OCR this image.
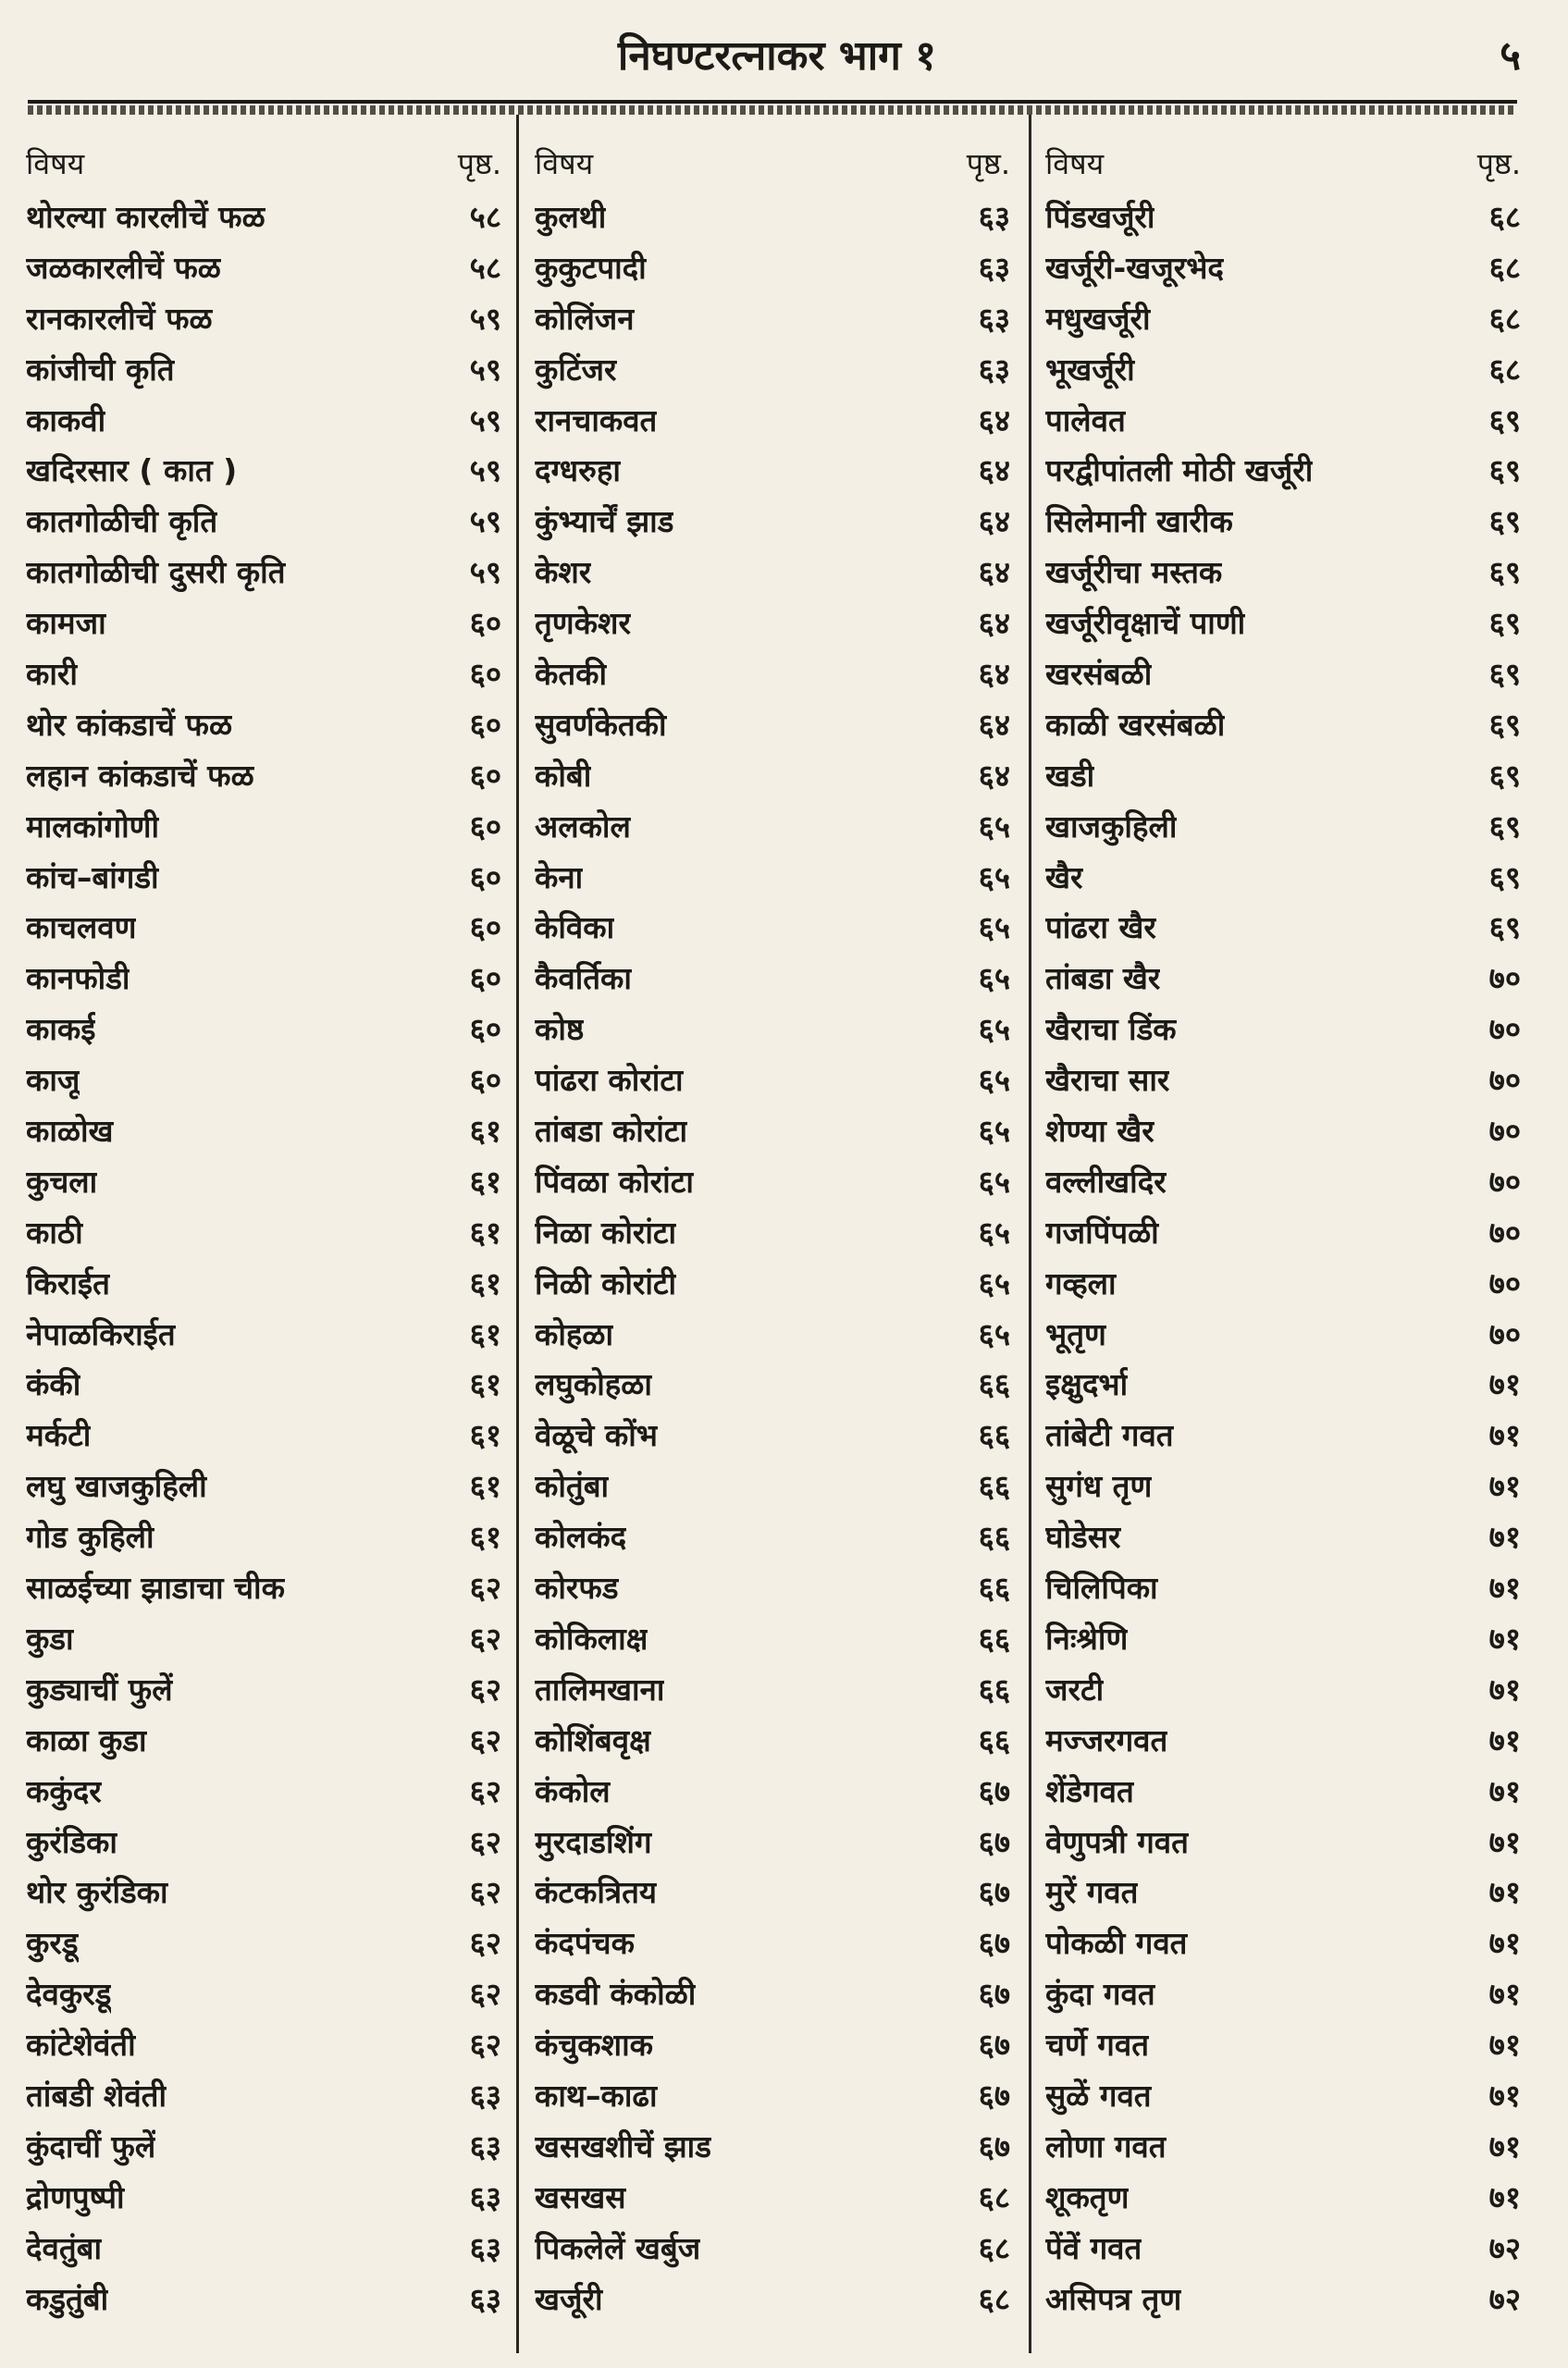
निघण्टरत्नाकर भाग १	५
विषय	पृष्ठ.
थोरल्या कारलीचें फळ	५८
जळकारलीचें फळ	५८
रानकारलीचें फळ	५९
कांजीची कृति	५९
काकवी	५९
खदिरसार ( कात )	५९
कातगोळीची कृति	५९
कातगोळीची दुसरी कृति	५९
कामजा	६०
कारी	६०
थोर कांकडाचें फळ	६०
लहान कांकडाचें फळ	६०
मालकांगोणी	६०
कांच–बांगडी	६०
काचलवण	६०
कानफोडी	६०
काकई	६०
काजू	६०
काळोख	६१
कुचला	६१
काठी	६१
किराईत	६१
नेपाळकिराईत	६१
कंकी	६१
मर्कटी	६१
लघु खाजकुहिली	६१
गोड कुहिली	६१
साळईच्या झाडाचा चीक	६२
कुडा	६२
कुड्याचीं फुलें	६२
काळा कुडा	६२
ककुंदर	६२
कुरंडिका	६२
थोर कुरंडिका	६२
कुरडू	६२
देवकुरडू	६२
कांटेशेवंती	६२
तांबडी शेवंती	६३
कुंदाचीं फुलें	६३
द्रोणपुष्पी	६३
देवतुंबा	६३
कडुतुंबी	६३
विषय	पृष्ठ.
कुलथी	६३
कुकुटपादी	६३
कोलिंजन	६३
कुटिंजर	६३
रानचाकवत	६४
दग्धरुहा	६४
कुंभ्यार्चें झाड	६४
केशर	६४
तृणकेशर	६४
केतकी	६४
सुवर्णकेतकी	६४
कोबी	६४
अलकोल	६५
केना	६५
केविका	६५
कैवर्तिका	६५
कोष्ठ	६५
पांढरा कोरांटा	६५
तांबडा कोरांटा	६५
पिंवळा कोरांटा	६५
निळा कोरांटा	६५
निळी कोरांटी	६५
कोहळा	६५
लघुकोहळा	६६
वेळूचे कोंभ	६६
कोतुंबा	६६
कोलकंद	६६
कोरफड	६६
कोकिलाक्ष	६६
तालिमखाना	६६
कोशिंबवृक्ष	६६
कंकोल	६७
मुरदाडशिंग	६७
कंटकत्रितय	६७
कंदपंचक	६७
कडवी कंकोळी	६७
कंचुकशाक	६७
काथ–काढा	६७
खसखशीचें झाड	६७
खसखस	६८
पिकलेलें खर्बुज	६८
खर्जूरी	६८
विषय	पृष्ठ.
पिंडखर्जूरी	६८
खर्जूरी-खजूरभेद	६८
मधुखर्जूरी	६८
भूखर्जूरी	६८
पालेवत	६९
परद्वीपांतली मोठी खर्जूरी	६९
सिलेमानी खारीक	६९
खर्जूरीचा मस्तक	६९
खर्जूरीवृक्षाचें पाणी	६९
खरसंबळी	६९
काळी खरसंबळी	६९
खडी	६९
खाजकुहिली	६९
खैर	६९
पांढरा खैर	६९
तांबडा खैर	७०
खैराचा डिंक	७०
खैराचा सार	७०
शेण्या खैर	७०
वल्लीखदिर	७०
गजपिंपळी	७०
गव्हला	७०
भूतृण	७०
इक्षुदर्भा	७१
तांबेटी गवत	७१
सुगंध तृण	७१
घोडेसर	७१
चिलिपिका	७१
निःश्रेणि	७१
जरटी	७१
मज्जरगवत	७१
शेंडेगवत	७१
वेणुपत्री गवत	७१
मुरें गवत	७१
पोकळी गवत	७१
कुंदा गवत	७१
चर्णे गवत	७१
सुळें गवत	७१
लोणा गवत	७१
शूकतृण	७१
पेंवें गवत	७२
असिपत्र तृण	७२
